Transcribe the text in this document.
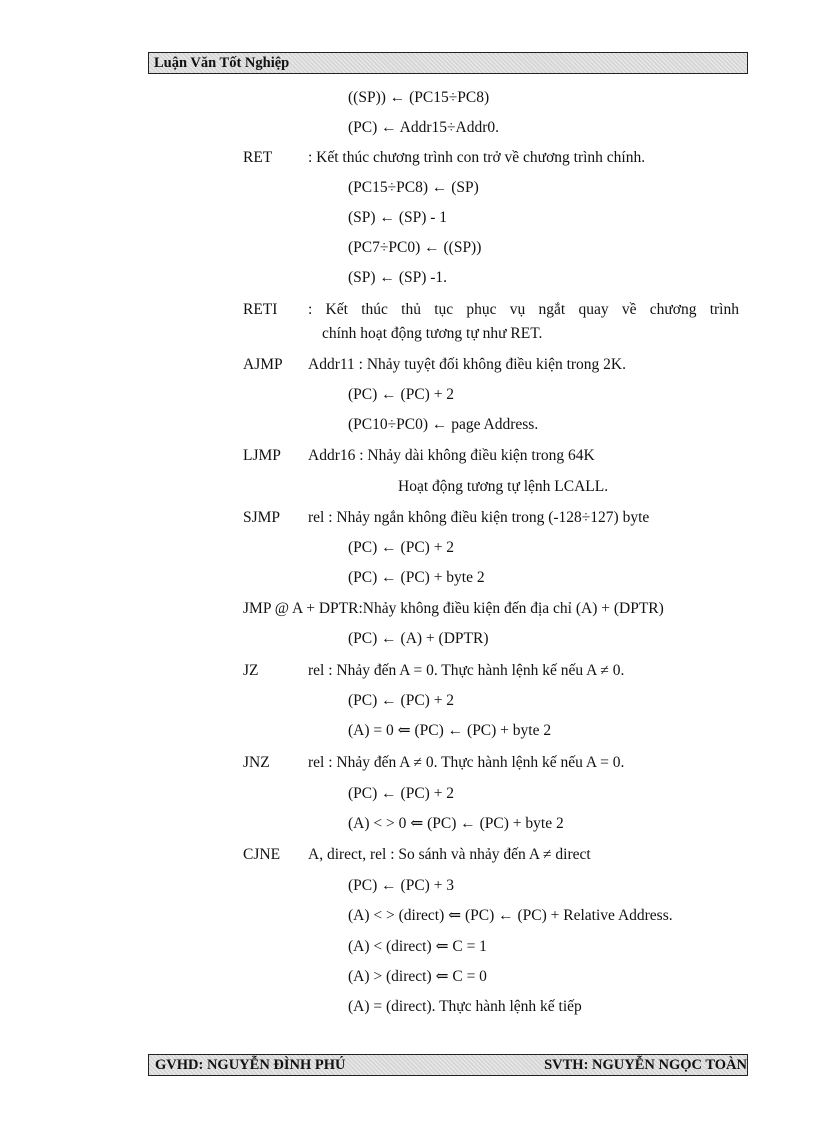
Luận Văn Tốt Nghiệp
((SP)) ← (PC15÷PC8)
(PC) ← Addr15÷Addr0.
RET : Kết thúc chương trình con trở về chương trình chính.
(PC15÷PC8) ← (SP)
(SP) ← (SP) - 1
(PC7÷PC0) ← ((SP))
(SP) ← (SP) -1.
RETI : Kết thúc thủ tục phục vụ ngắt quay về chương trình
chính hoạt động tương tự như RET.
AJMP Addr11 : Nhảy tuyệt đối không điều kiện trong 2K.
(PC) ← (PC) + 2
(PC10÷PC0) ← page Address.
LJMP Addr16 : Nhảy dài không điều kiện trong 64K
Hoạt động tương tự lệnh LCALL.
SJMP rel : Nhảy ngắn không điều kiện trong (-128÷127) byte
(PC) ← (PC) + 2
(PC) ← (PC) + byte 2
JMP @ A + DPTR:Nhảy không điều kiện đến địa chỉ (A) + (DPTR)
(PC) ← (A) + (DPTR)
JZ	rel : Nhảy đến A = 0. Thực hành lệnh kế nếu A ≠ 0.
(PC) ← (PC) + 2
(A) = 0 ⇐ (PC) ← (PC) + byte 2
JNZ rel : Nhảy đến A ≠ 0. Thực hành lệnh kế nếu A = 0.
(PC) ← (PC) + 2
(A) < > 0 ⇐ (PC) ← (PC) + byte 2
CJNE A, direct, rel : So sánh và nhảy đến A ≠ direct
(PC) ← (PC) + 3
(A) < > (direct) ⇐ (PC) ← (PC) + Relative Address.
(A) < (direct) ⇐ C = 1
(A) > (direct) ⇐ C = 0
(A) = (direct). Thực hành lệnh kế tiếp
GVHD: NGUYỄN ĐÌNH PHÚ	SVTH: NGUYỄN NGỌC TOÀN
